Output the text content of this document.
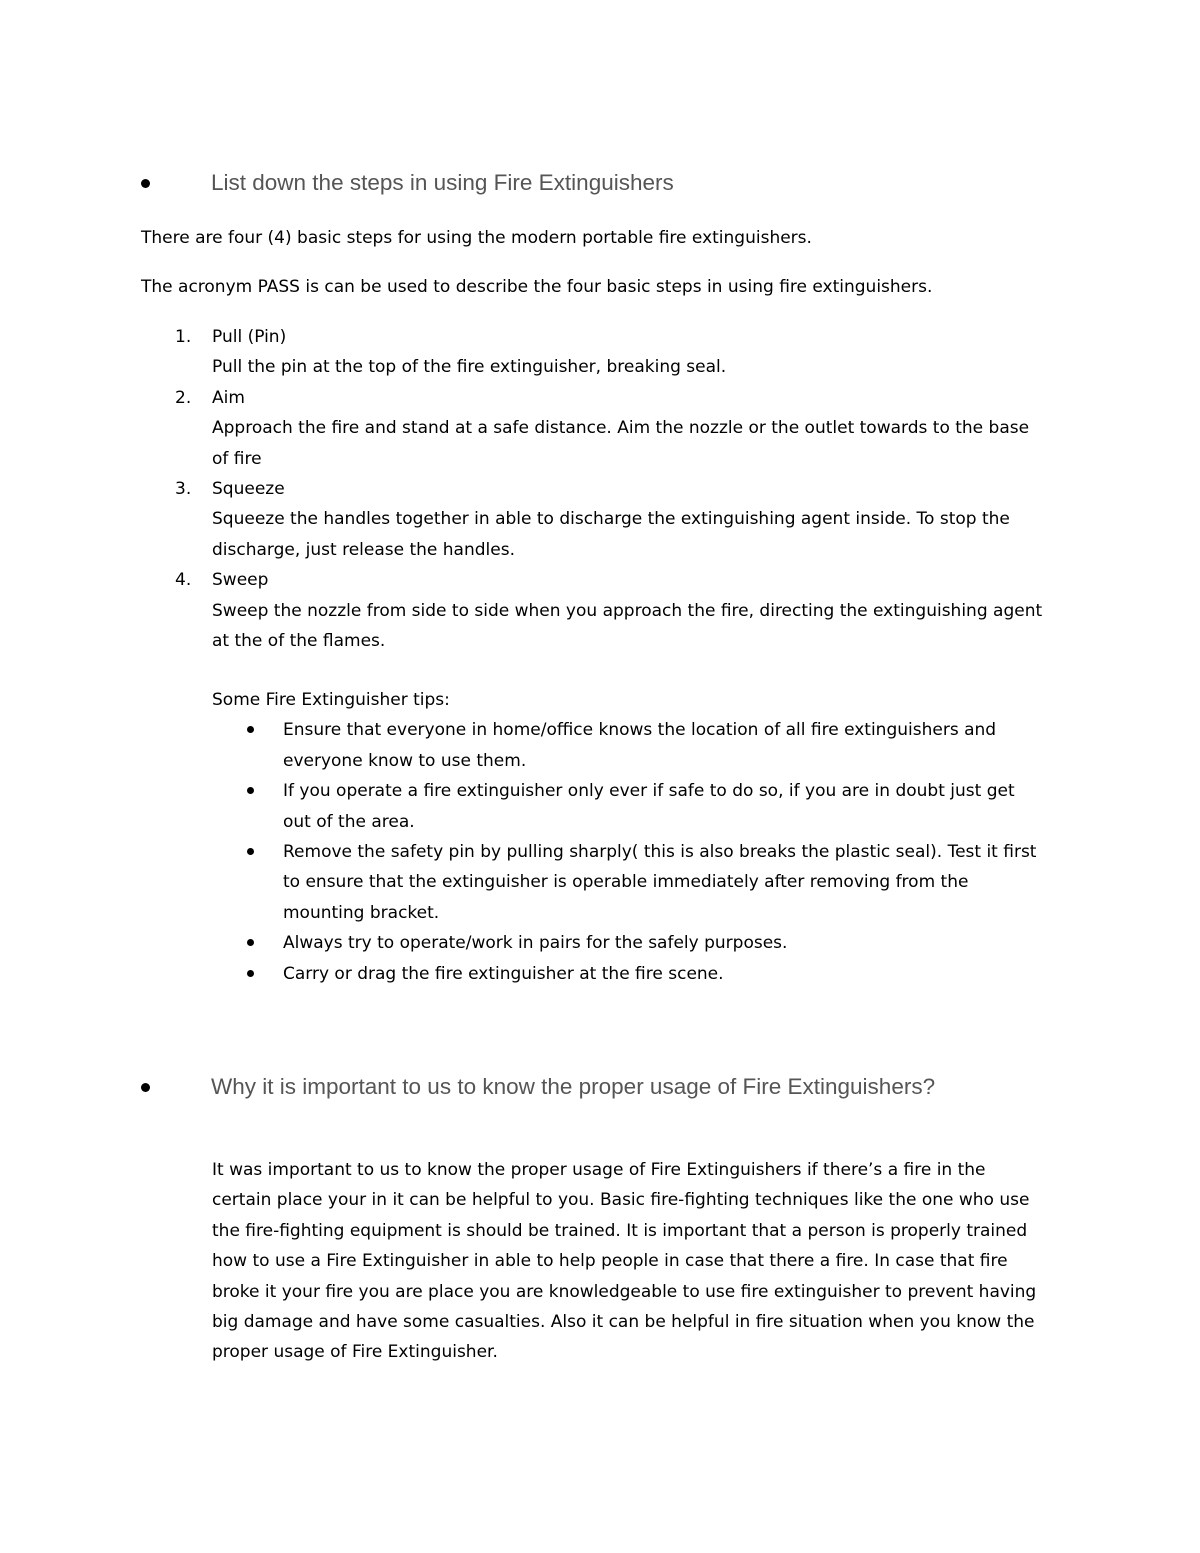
List down the steps in using Fire Extinguishers
There are four (4) basic steps for using the modern portable fire extinguishers.
The acronym PASS is can be used to describe the four basic steps in using fire extinguishers.
1. Pull (Pin)
Pull the pin at the top of the fire extinguisher, breaking seal.
2. Aim
Approach the fire and stand at a safe distance. Aim the nozzle or the outlet towards to the base
of fire
3. Squeeze
Squeeze the handles together in able to discharge the extinguishing agent inside. To stop the
discharge, just release the handles.
4. Sweep
Sweep the nozzle from side to side when you approach the fire, directing the extinguishing agent
at the of the flames.
Some Fire Extinguisher tips:
Ensure that everyone in home/office knows the location of all fire extinguishers and
everyone know to use them.
If you operate a fire extinguisher only ever if safe to do so, if you are in doubt just get
out of the area.
Remove the safety pin by pulling sharply( this is also breaks the plastic seal). Test it first
to ensure that the extinguisher is operable immediately after removing from the
mounting bracket.
Always try to operate/work in pairs for the safely purposes.
Carry or drag the fire extinguisher at the fire scene.
Why it is important to us to know the proper usage of Fire Extinguishers?
It was important to us to know the proper usage of Fire Extinguishers if there’s a fire in the
certain place your in it can be helpful to you. Basic fire-fighting techniques like the one who use
the fire-fighting equipment is should be trained. It is important that a person is properly trained
how to use a Fire Extinguisher in able to help people in case that there a fire. In case that fire
broke it your fire you are place you are knowledgeable to use fire extinguisher to prevent having
big damage and have some casualties. Also it can be helpful in fire situation when you know the
proper usage of Fire Extinguisher.
